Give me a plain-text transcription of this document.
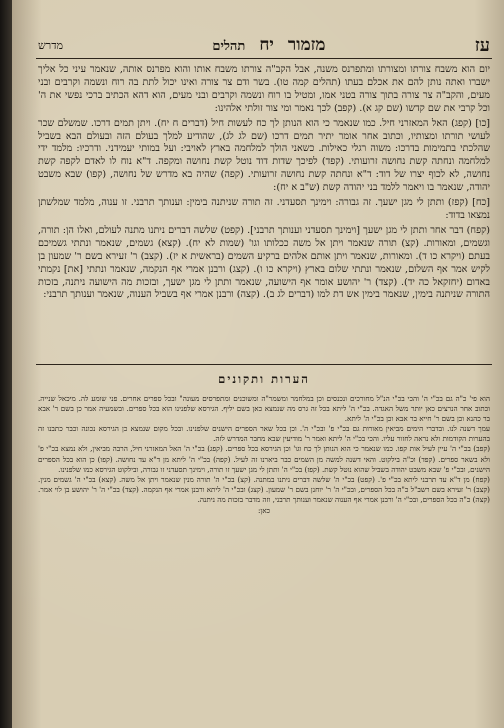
עז
מזמור
יח
תהלים
מדרש

יום הוא משבח צורתו ומצורתו ומתפרנס משנה, אבל הקב"ה צורתו משבח אותו והוא מפרנס אותה, שנאמר עיני כל אליך ישברו ואתה נותן להם את אכלם בעתו (תהלים קמה טו). בשר ודם צר צורה ואינו יכול לתת בה רוח ונשמה וקרבים ובני מעים, והקב"ה צר צורה בתוך צורה בטני אמו, ומטיל בו רוח ונשמה וקרבים ובני מעים, הוא דהא הכתיב ברכי נפשי את ה' וכל קרבי את שם קדשו (שם קג א). (קפב) לכך נאמר ומי צור זולתי אלהינו:

[כו] (קפג) האל המאזרני חיל. כמו שנאמר כי הוא הנותן לך כח לעשות חיל (דברים ח יח). ויתן תמים דרכו. שמשלם שכר לעושי תורתו ומצותיו, וכתוב אחר אומר יתיר תמים דרכו (שם לג לג), שהודיע למלך בעולם הזה ובעולם הבא בשביל שהלכתי בתמימות בדרכו: משוה רגלי כאילות. כשאני הולך למלחמה בארץ לאויבי: ועל במותי יעמידני. ודרכיו: מלמד ידי למלחמה ונחתה קשת נחושה זרועותי. (קפד) לפיכך שדות דוד נוטל קשת נחושה ומקפה. ד"א נוח לו לאדם לקפה קשת נחושה, לא לכוף יצרו של דוד: ד"א ונחתה קשת נחושה זרועותי. (קפה) שהיה בא מדרש של נחושה, (קפו) שבא משבט יהודה, שנאמר בו ויאמר ללמד בני יהודה קשת (ש"ב א יח):

[כח] (קפז) ותתן לי מגן ישעך. זה גבורה: וימינך תסעדני. זה תורה שניתנה בימין: וענותך תרבני. זו ענוה, מלמד שמלשתן נמצאו בדוד:

(קפח) דבר אחר ותתן לי מגן ישעך [וימינך תסעדני וענותך תרבני]. (קפט) שלשה דברים ניתנו מתנה לעולם, ואלו הן: תורה, וגשמים, ומאורות. (קצ) תורה שנאמר ויתן אל משה ככלותו וגו' (שמות לא יח). (קצא) גשמים, שנאמר ונתתי גשמיכם בעתם (ויקרא כו ד). ומאורות, שנאמר ויתן אותם אלהים ברקיע השמים (בראשית א יז). (קצב) ר' זעירא בשם ר' שמעון בן לקיש אמר אף השלום, שנאמר ונתתי שלום בארץ (ויקרא כו ו). (קצג) ורבנן אמרי אף הנקמה, שנאמר ונתתי [את] נקמתי באדום (יחזקאל כה יד). (קצד) ר' יהושע אומר אף הישועה, שנאמר ותתן לי מגן ישעך, ובזכות מה הישועה ניתנה, בזכות התורה שניתנה בימין, שנאמר בימין אש דת למו (דברים לג ב). (קצה) ורבנן אמרי אף בשביל הענוה, שנאמר וענותך תרבני:

הערות ותקונים

הוא פי' כ"ה גם בכ"י ה' והכי בכ"י הנ"ל מחורכים ונכנסים וכן במלחמר ומשמר"ה ומשוכנים ומתפרסים מעונה" ובכל ספרים אחרים. פני שומע לה. מיכאל שנייה. וכתוב אחר הנרצים כאן יותר משל האגדה. בכ"י ה' ליתא בכל זה גרס מה שנמצא כאן בשם יליף. הגירסא שלפנינו הוא בכל ספרים. ובשמעיה אמר כן בשם ר' אבא בר כהנא וכן בשם ר' חייא בר אבא וכן בכ"י ה' ליתא.

עמך דשנה לנו. ובדברי הימים מביאין מאורות גם בכ"י פ' ובכ"י ה'. וכן בכל שאר הספרים הישנים שלפנינו. ובכל מקום שנמצא כן הגירסא נכונה וכבר כתבנו זה בהערות הקודמות ולא נראה לחזור עליו. והכי בכ"י ה' ליתא ואמר ר' מודיעין שבא מחבר המדרש לזה.

(קפב) בכ"י ה' עיין לעיל אות קפו. כמו שנאמר כי הוא הנותן לך כח וגו' וכן הגירסא בכל ספרים. (קפג) בכ"י ה' האל המאזרני חיל, הרבה מביאין, ולא נמצא בכ"י פ' ולא בשאר ספרים. (קפד) וכ"ה בילקוט. והאי דשנה למשה מן השמים כבר ביארנו זה לעיל. (קפה) בכ"י ה' ליתא מן ד"א עד נחושה. (קפו) כן הוא בכל הספרים הישנים, ובכ"י פ' שבא משבט יהודה בשביל שהוא נוטל קשת. (קפז) בכ"י ה' ותתן לי מגן ישעך זו תורה, וימינך תסעדני זו גבורה, ובילקוט הגירסא כמו שלפנינו.

(קפח) מן ד"א עד תרבני ליתא בכ"י פ'. (קפט) בכ"י ה' שלשה דברים ניתנו במתנה. (קצ) בכ"י ה' תורה מנין שנאמר ויתן אל משה. (קצא) בכ"י ה' גשמים מנין. (קצב) ר' זעירא בשם רשב"ל כ"ה בכל הספרים, ובכ"י ה' ר' יוחנן בשם ר' שמעון. (קצג) ובכ"י ה' ליתא ורבנן אמרי אף הנקמה. (קצד) בכ"י ה' ר' יהושע בן לוי אמר. (קצה) כ"ה בכל הספרים, ובכ"י ה' ורבנן אמרי אף הענוה שנאמר וענותך תרבני, וזה מדבר בזכות מה ניתנה.

כאן:
